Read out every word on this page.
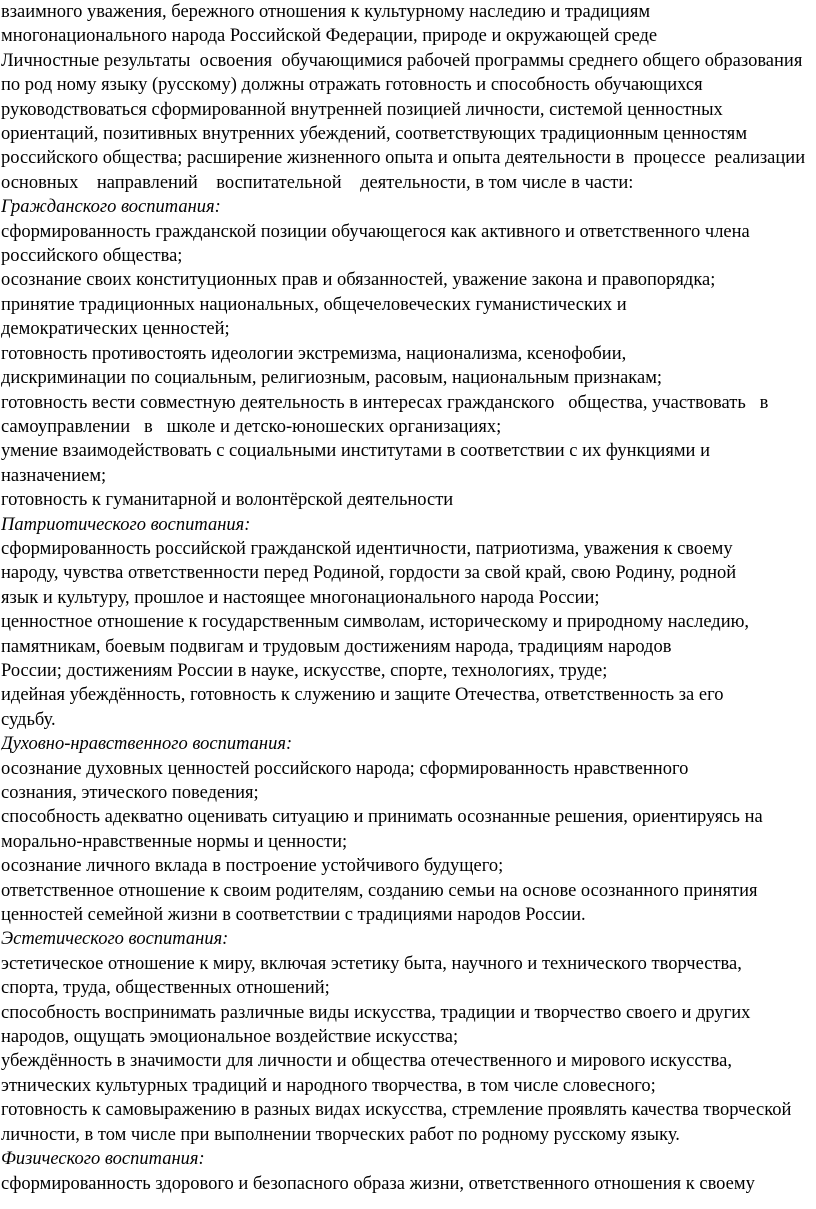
взаимного уважения, бережного отношения к культурному наследию и традициям
многонационального народа Российской Федерации, природе и окружающей среде
Личностные результаты  освоения  обучающимися рабочей программы среднего общего образования
по род ному языку (русскому) должны отражать готовность и способность обучающихся
руководствоваться сформированной внутренней позицией личности, системой ценностных
ориентаций, позитивных внутренних убеждений, соответствующих традиционным ценностям
российского общества; расширение жизненного опыта и опыта деятельности в  процессе  реализации
основных    направлений    воспитательной    деятельности, в том числе в части:
Гражданского воспитания:
сформированность гражданской позиции обучающегося как активного и ответственного члена
российского общества;
осознание своих конституционных прав и обязанностей, уважение закона и правопорядка;
принятие традиционных национальных, общечеловеческих гуманистических и
демократических ценностей;
готовность противостоять идеологии экстремизма, национализма, ксенофобии,
дискриминации по социальным, религиозным, расовым, национальным признакам;
готовность вести совместную деятельность в интересах гражданского   общества, участвовать   в
самоуправлении   в   школе и детско-юношеских организациях;
умение взаимодействовать с социальными институтами в соответствии с их функциями и
назначением;
готовность к гуманитарной и волонтёрской деятельности
Патриотического воспитания:
сформированность российской гражданской идентичности, патриотизма, уважения к своему
народу, чувства ответственности перед Родиной, гордости за свой край, свою Родину, родной
язык и культуру, прошлое и настоящее многонационального народа России;
ценностное отношение к государственным символам, историческому и природному наследию,
памятникам, боевым подвигам и трудовым достижениям народа, традициям народов
России; достижениям России в науке, искусстве, спорте, технологиях, труде;
идейная убеждённость, готовность к служению и защите Отечества, ответственность за его
судьбу.
Духовно-нравственного воспитания:
осознание духовных ценностей российского народа; сформированность нравственного
сознания, этического поведения;
способность адекватно оценивать ситуацию и принимать осознанные решения, ориентируясь на
морально-нравственные нормы и ценности;
осознание личного вклада в построение устойчивого будущего;
ответственное отношение к своим родителям, созданию семьи на основе осознанного принятия
ценностей семейной жизни в соответствии с традициями народов России.
Эстетического воспитания:
эстетическое отношение к миру, включая эстетику быта, научного и технического творчества,
спорта, труда, общественных отношений;
способность воспринимать различные виды искусства, традиции и творчество своего и других
народов, ощущать эмоциональное воздействие искусства;
убеждённость в значимости для личности и общества отечественного и мирового искусства,
этнических культурных традиций и народного творчества, в том числе словесного;
готовность к самовыражению в разных видах искусства, стремление проявлять качества творческой
личности, в том числе при выполнении творческих работ по родному русскому языку.
Физического воспитания:
сформированность здорового и безопасного образа жизни, ответственного отношения к своему
